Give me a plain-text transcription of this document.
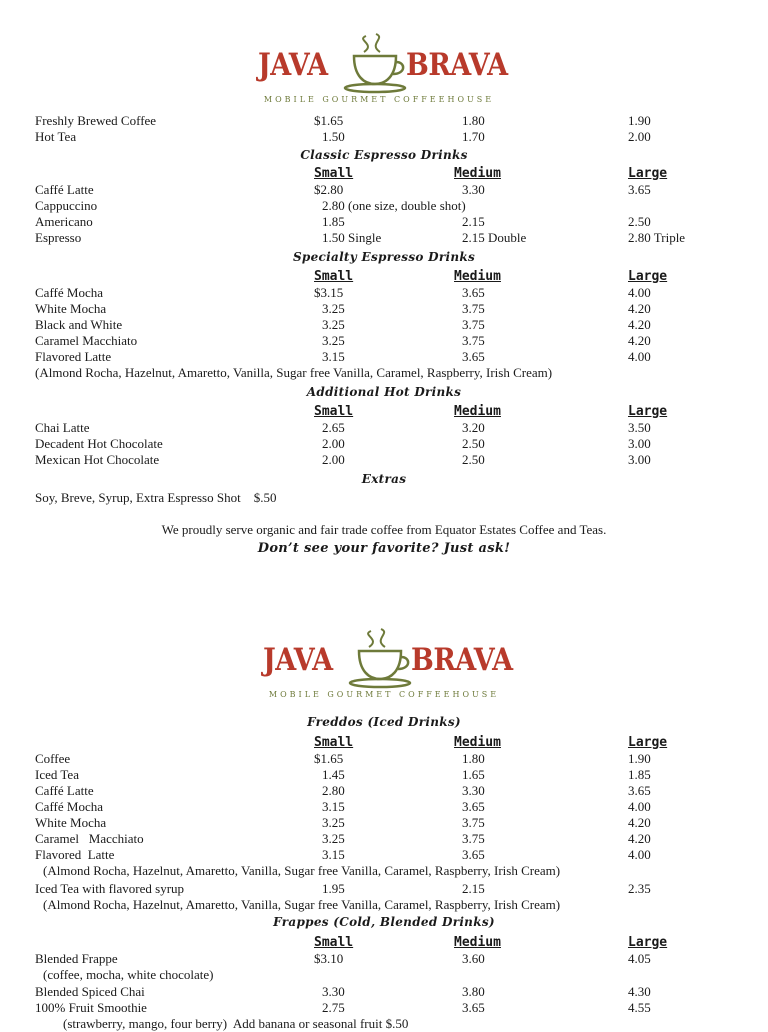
JAVA	BRAVA
MOBILE GOURMET COFFEEHOUSE
Freshly Brewed Coffee	$1.65	1.80	1.90
Hot Tea	1.50	1.70	2.00
Classic Espresso Drinks
Small	Medium	Large
Caffé Latte	$2.80	3.30	3.65
Cappuccino	2.80 (one size, double shot)
Americano	1.85	2.15	2.50
Espresso	1.50 Single	2.15 Double	2.80 Triple
Specialty Espresso Drinks
Small	Medium	Large
Caffé Mocha	$3.15	3.65	4.00
White Mocha	3.25	3.75	4.20
Black and White	3.25	3.75	4.20
Caramel Macchiato	3.25	3.75	4.20
Flavored Latte	3.15	3.65	4.00
(Almond Rocha, Hazelnut, Amaretto, Vanilla, Sugar free Vanilla, Caramel, Raspberry, Irish Cream)
Additional Hot Drinks
Small	Medium	Large
Chai Latte	2.65	3.20	3.50
Decadent Hot Chocolate	2.00	2.50	3.00
Mexican Hot Chocolate	2.00	2.50	3.00
Extras
Soy, Breve, Syrup, Extra Espresso Shot    $.50
We proudly serve organic and fair trade coffee from Equator Estates Coffee and Teas.
Don’t see your favorite? Just ask!
JAVA	BRAVA
MOBILE GOURMET COFFEEHOUSE
Freddos (Iced Drinks)
Small	Medium	Large
Coffee	$1.65	1.80	1.90
Iced Tea	1.45	1.65	1.85
Caffé Latte	2.80	3.30	3.65
Caffé Mocha	3.15	3.65	4.00
White Mocha	3.25	3.75	4.20
Caramel   Macchiato	3.25	3.75	4.20
Flavored  Latte	3.15	3.65	4.00
(Almond Rocha, Hazelnut, Amaretto, Vanilla, Sugar free Vanilla, Caramel, Raspberry, Irish Cream)
Iced Tea with flavored syrup	1.95	2.15	2.35
(Almond Rocha, Hazelnut, Amaretto, Vanilla, Sugar free Vanilla, Caramel, Raspberry, Irish Cream)
Frappes (Cold, Blended Drinks)
Small	Medium	Large
Blended Frappe	$3.10	3.60	4.05
(coffee, mocha, white chocolate)
Blended Spiced Chai	3.30	3.80	4.30
100% Fruit Smoothie	2.75	3.65	4.55
(strawberry, mango, four berry)  Add banana or seasonal fruit $.50
